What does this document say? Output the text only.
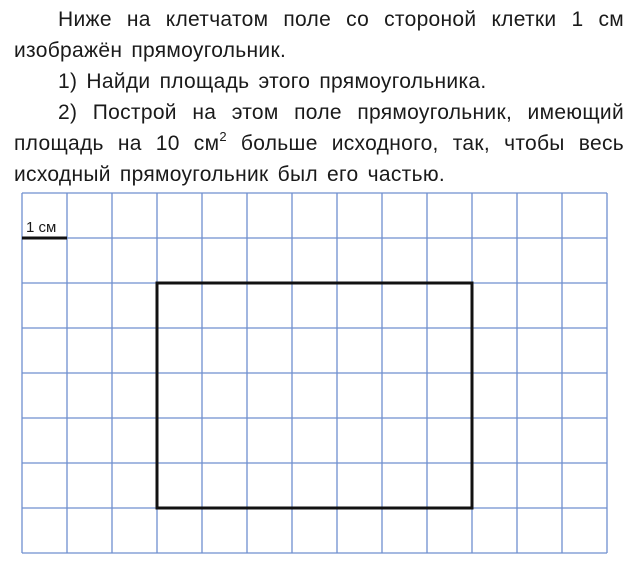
Ниже на клетчатом поле со стороной клетки 1 см изображён прямоугольник.

1) Найди площадь этого прямоугольника.

2) Построй на этом поле прямоугольник, имеющий площадь на 10 $см^2$ больше исходного, так, чтобы весь исходный прямоугольник был его частью.

1 см
